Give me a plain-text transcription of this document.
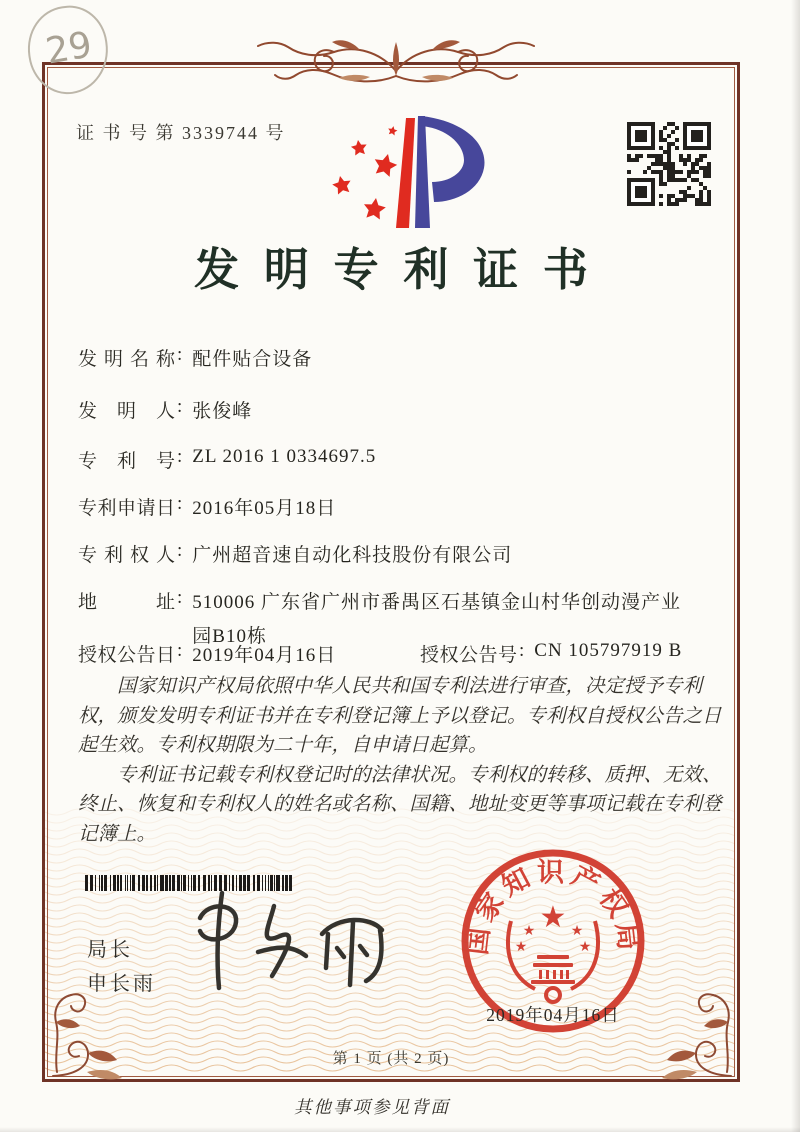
29
证 书 号 第 3339744 号
发明专利证书
发明名称 : 配件贴合设备
发明人 : 张俊峰
专利号 : ZL 2016 1 0334697.5
专利申请日 : 2016年05月18日
专利权人 : 广州超音速自动化科技股份有限公司
地址 : 510006 广东省广州市番禺区石基镇金山村华创动漫产业
园B10栋
授权公告日 : 2019年04月16日	授权公告号 : CN 105797919 B

国家知识产权局依照中华人民共和国专利法进行审查，决定授予专利权，颁发发明专利证书并在专利登记簿上予以登记。专利权自授权公告之日起生效。专利权期限为二十年，自申请日起算。

专利证书记载专利权登记时的法律状况。专利权的转移、质押、无效、终止、恢复和专利权人的姓名或名称、国籍、地址变更等事项记载在专利登记簿上。

局长
申长雨
国家知识产权局
★
★
★
★
★
2019年04月16日
第 1 页 (共 2 页)
其他事项参见背面
